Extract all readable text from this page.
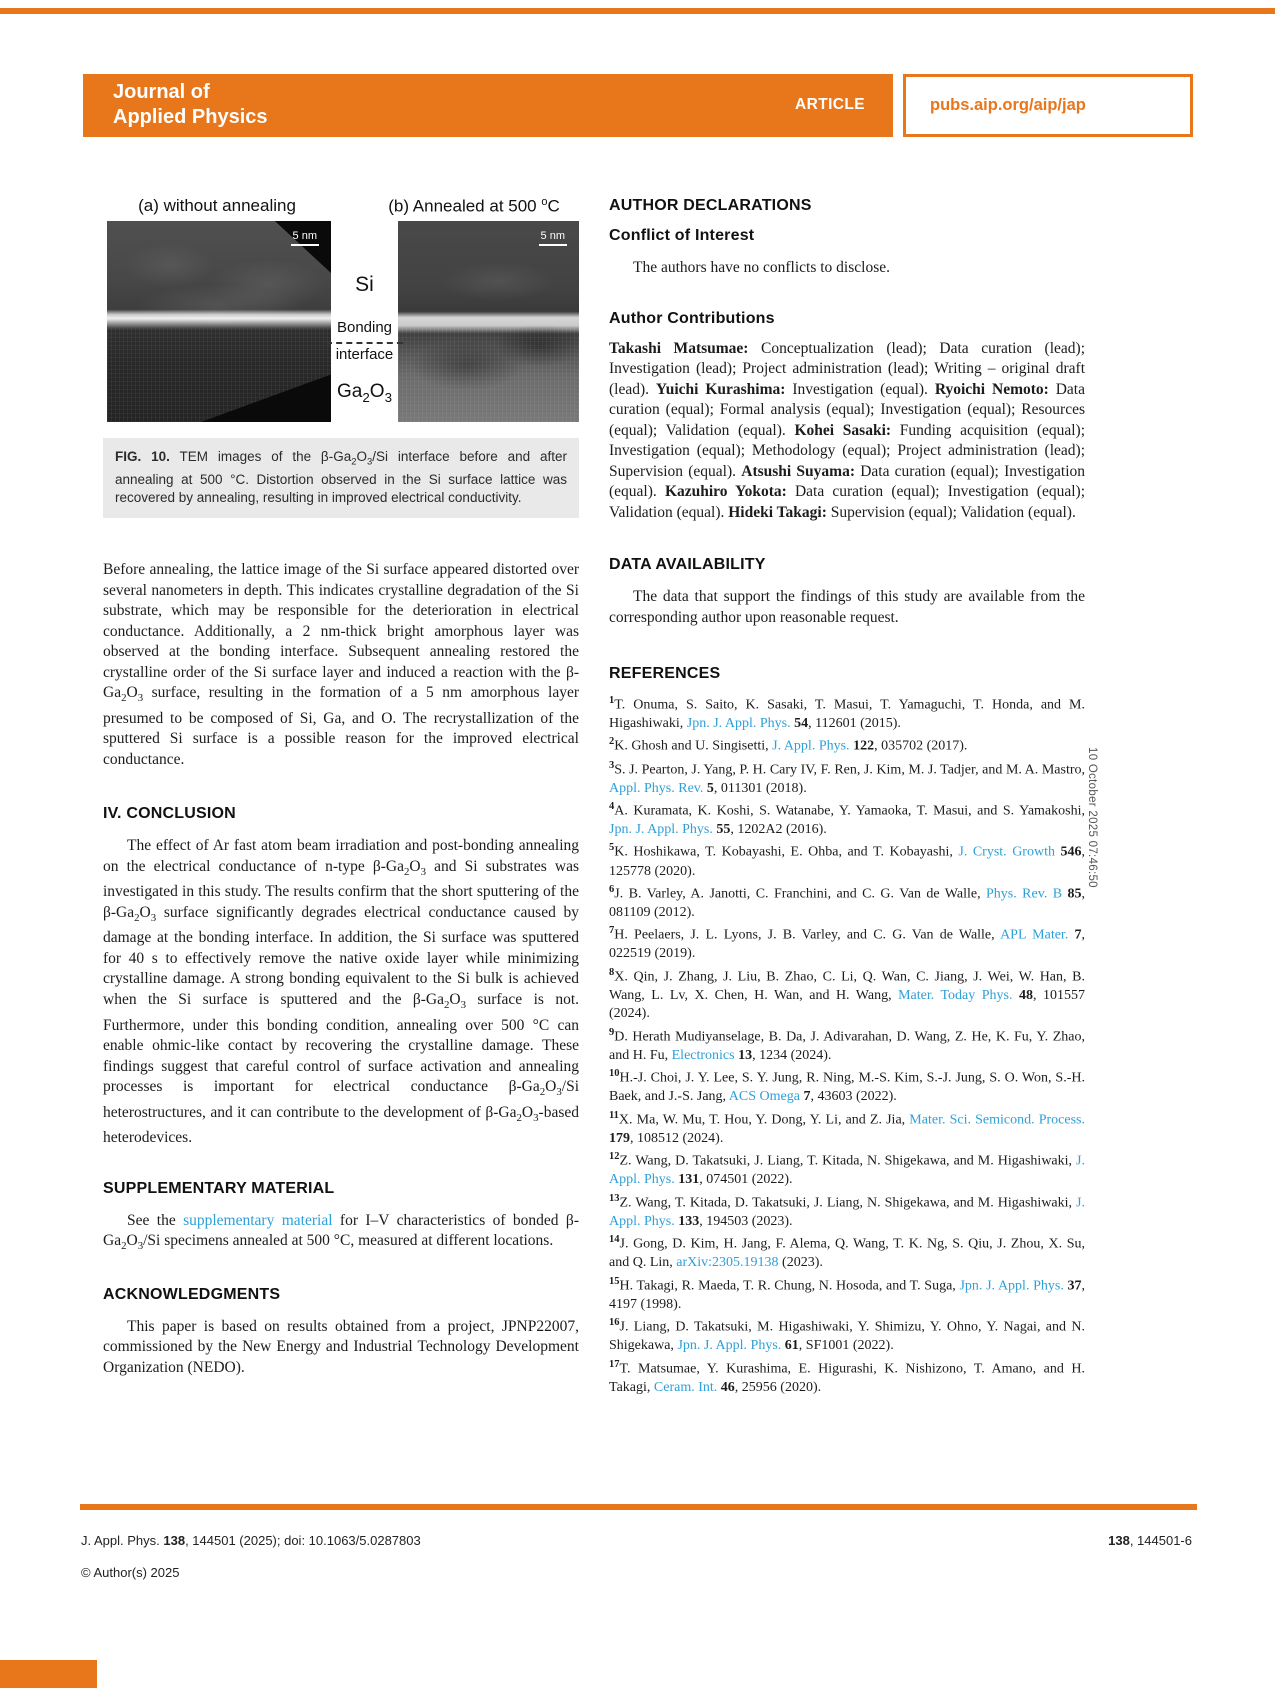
Journal of
Applied Physics
ARTICLE	pubs.aip.org/aip/jap
(a) without annealing	(b) Annealed at 500 $^o$C
5 nm	5 nm
Si
Bonding
interface
$Ga_2O_3$
FIG. 10. TEM images of the $\beta-Ga_2O_3/Si$ interface before and after annealing at 500 °C. Distortion observed in the Si surface lattice was recovered by annealing, resulting in improved electrical conductivity.

Before annealing, the lattice image of the Si surface appeared distorted over several nanometers in depth. This indicates crystalline degradation of the Si substrate, which may be responsible for the deterioration in electrical conductance. Additionally, a 2 nm-thick bright amorphous layer was observed at the bonding interface. Subsequent annealing restored the crystalline order of the Si surface layer and induced a reaction with the $\beta-Ga_2O_3$ surface, resulting in the formation of a 5 nm amorphous layer presumed to be composed of Si, Ga, and O. The recrystallization of the sputtered Si surface is a possible reason for the improved electrical conductance.

IV. CONCLUSION

The effect of Ar fast atom beam irradiation and post-bonding annealing on the electrical conductance of n-type $\beta-Ga_2O_3$ and Si substrates was investigated in this study. The results confirm that the short sputtering of the $\beta-Ga_2O_3$ surface significantly degrades electrical conductance caused by damage at the bonding interface. In addition, the Si surface was sputtered for 40 s to effectively remove the native oxide layer while minimizing crystalline damage. A strong bonding equivalent to the Si bulk is achieved when the Si surface is sputtered and the $\beta-Ga_2O_3$ surface is not. Furthermore, under this bonding condition, annealing over 500 °C can enable ohmic-like contact by recovering the crystalline damage. These findings suggest that careful control of surface activation and annealing processes is important for electrical conductance $\beta-Ga_2O_3/Si$ heterostructures, and it can contribute to the development of $\beta-Ga_2O_3$-based heterodevices.

SUPPLEMENTARY MATERIAL

See the supplementary material for I–V characteristics of bonded $\beta-Ga_2O_3/Si$ specimens annealed at 500 °C, measured at different locations.

ACKNOWLEDGMENTS

This paper is based on results obtained from a project, JPNP22007, commissioned by the New Energy and Industrial Technology Development Organization (NEDO).

AUTHOR DECLARATIONS
Conflict of Interest

The authors have no conflicts to disclose.

Author Contributions

Takashi Matsumae: Conceptualization (lead); Data curation (lead); Investigation (lead); Project administration (lead); Writing – original draft (lead). Yuichi Kurashima: Investigation (equal). Ryoichi Nemoto: Data curation (equal); Formal analysis (equal); Investigation (equal); Resources (equal); Validation (equal). Kohei Sasaki: Funding acquisition (equal); Investigation (equal); Methodology (equal); Project administration (lead); Supervision (equal). Atsushi Suyama: Data curation (equal); Investigation (equal). Kazuhiro Yokota: Data curation (equal); Investigation (equal); Validation (equal). Hideki Takagi: Supervision (equal); Validation (equal).

DATA AVAILABILITY

The data that support the findings of this study are available from the corresponding author upon reasonable request.

REFERENCES
$^1$T. Onuma, S. Saito, K. Sasaki, T. Masui, T. Yamaguchi, T. Honda, and M. Higashiwaki, Jpn. J. Appl. Phys. 54, 112601 (2015).
$^2$K. Ghosh and U. Singisetti, J. Appl. Phys. 122, 035702 (2017).
$^3$S. J. Pearton, J. Yang, P. H. Cary IV, F. Ren, J. Kim, M. J. Tadjer, and M. A. Mastro, Appl. Phys. Rev. 5, 011301 (2018).
$^4$A. Kuramata, K. Koshi, S. Watanabe, Y. Yamaoka, T. Masui, and S. Yamakoshi, Jpn. J. Appl. Phys. 55, 1202A2 (2016).
$^5$K. Hoshikawa, T. Kobayashi, E. Ohba, and T. Kobayashi, J. Cryst. Growth 546, 125778 (2020).
$^6$J. B. Varley, A. Janotti, C. Franchini, and C. G. Van de Walle, Phys. Rev. B 85, 081109 (2012).
$^7$H. Peelaers, J. L. Lyons, J. B. Varley, and C. G. Van de Walle, APL Mater. 7, 022519 (2019).
$^8$X. Qin, J. Zhang, J. Liu, B. Zhao, C. Li, Q. Wan, C. Jiang, J. Wei, W. Han, B. Wang, L. Lv, X. Chen, H. Wan, and H. Wang, Mater. Today Phys. 48, 101557 (2024).
$^9$D. Herath Mudiyanselage, B. Da, J. Adivarahan, D. Wang, Z. He, K. Fu, Y. Zhao, and H. Fu, Electronics 13, 1234 (2024).
$^{10}$H.-J. Choi, J. Y. Lee, S. Y. Jung, R. Ning, M.-S. Kim, S.-J. Jung, S. O. Won, S.-H. Baek, and J.-S. Jang, ACS Omega 7, 43603 (2022).
$^{11}$X. Ma, W. Mu, T. Hou, Y. Dong, Y. Li, and Z. Jia, Mater. Sci. Semicond. Process. 179, 108512 (2024).
$^{12}$Z. Wang, D. Takatsuki, J. Liang, T. Kitada, N. Shigekawa, and M. Higashiwaki, J. Appl. Phys. 131, 074501 (2022).
$^{13}$Z. Wang, T. Kitada, D. Takatsuki, J. Liang, N. Shigekawa, and M. Higashiwaki, J. Appl. Phys. 133, 194503 (2023).
$^{14}$J. Gong, D. Kim, H. Jang, F. Alema, Q. Wang, T. K. Ng, S. Qiu, J. Zhou, X. Su, and Q. Lin, arXiv:2305.19138 (2023).
$^{15}$H. Takagi, R. Maeda, T. R. Chung, N. Hosoda, and T. Suga, Jpn. J. Appl. Phys. 37, 4197 (1998).
$^{16}$J. Liang, D. Takatsuki, M. Higashiwaki, Y. Shimizu, Y. Ohno, Y. Nagai, and N. Shigekawa, Jpn. J. Appl. Phys. 61, SF1001 (2022).
$^{17}$T. Matsumae, Y. Kurashima, E. Higurashi, K. Nishizono, T. Amano, and H. Takagi, Ceram. Int. 46, 25956 (2020).
10 October 2025 07:46:50
J. Appl. Phys. 138, 144501 (2025); doi: 10.1063/5.0287803
© Author(s) 2025
138, 144501-6
